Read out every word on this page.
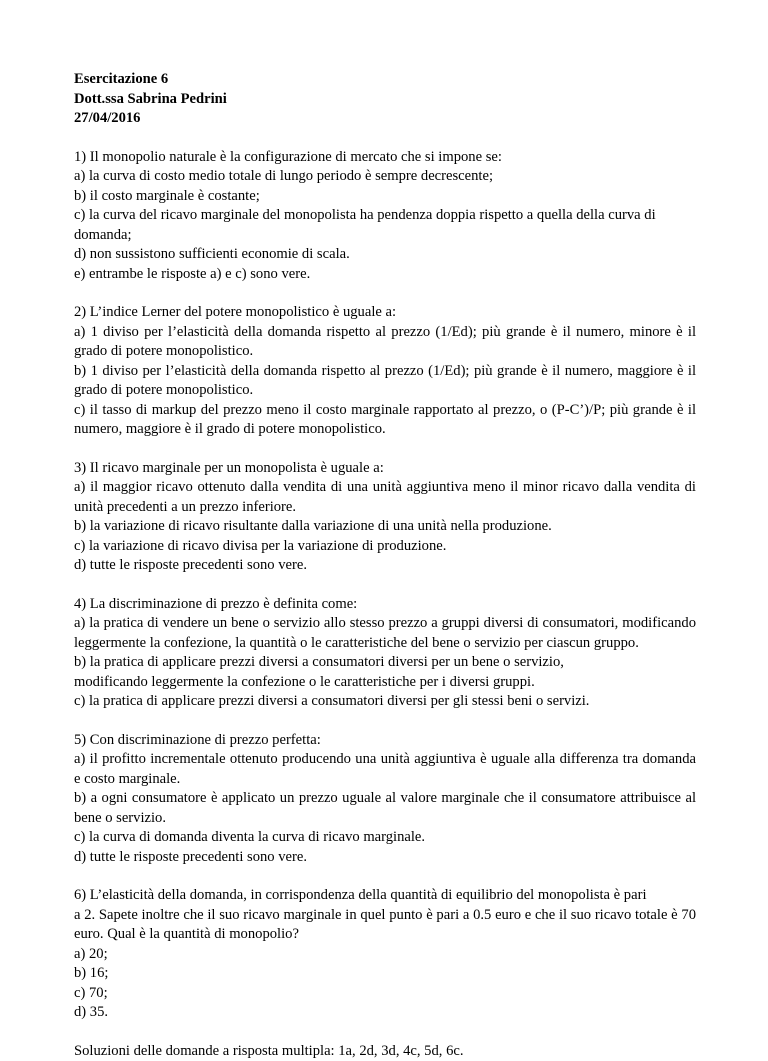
Esercitazione 6
Dott.ssa Sabrina Pedrini
27/04/2016
1) Il monopolio naturale è la configurazione di mercato che si impone se:
a) la curva di costo medio totale di lungo periodo è sempre decrescente;
b) il costo marginale è costante;
c) la curva del ricavo marginale del monopolista ha pendenza doppia rispetto a quella della curva di domanda;
d) non sussistono sufficienti economie di scala.
e) entrambe le risposte a) e c) sono vere.
2) L’indice Lerner del potere monopolistico è uguale a:
a) 1 diviso per l’elasticità della domanda rispetto al prezzo (1/Ed); più grande è il numero, minore è il grado di potere monopolistico.
b) 1 diviso per l’elasticità della domanda rispetto al prezzo (1/Ed); più grande è il numero, maggiore è il grado di potere monopolistico.
c) il tasso di markup del prezzo meno il costo marginale rapportato al prezzo, o (P-C’)/P; più grande è il numero, maggiore è il grado di potere monopolistico.
3) Il ricavo marginale per un monopolista è uguale a:
a) il maggior ricavo ottenuto dalla vendita di una unità aggiuntiva meno il minor ricavo dalla vendita di unità precedenti a un prezzo inferiore.
b) la variazione di ricavo risultante dalla variazione di una unità nella produzione.
c) la variazione di ricavo divisa per la variazione di produzione.
d) tutte le risposte precedenti sono vere.
4) La discriminazione di prezzo è definita come:
a) la pratica di vendere un bene o servizio allo stesso prezzo a gruppi diversi di consumatori, modificando leggermente la confezione, la quantità o le caratteristiche del bene o servizio per ciascun gruppo.
b) la pratica di applicare prezzi diversi a consumatori diversi per un bene o servizio,
modificando leggermente la confezione o le caratteristiche per i diversi gruppi.
c) la pratica di applicare prezzi diversi a consumatori diversi per gli stessi beni o servizi.
5) Con discriminazione di prezzo perfetta:
a) il profitto incrementale ottenuto producendo una unità aggiuntiva è uguale alla differenza tra domanda e costo marginale.
b) a ogni consumatore è applicato un prezzo uguale al valore marginale che il consumatore attribuisce al bene o servizio.
c) la curva di domanda diventa la curva di ricavo marginale.
d) tutte le risposte precedenti sono vere.
6) L’elasticità della domanda, in corrispondenza della quantità di equilibrio del monopolista è pari
a 2. Sapete inoltre che il suo ricavo marginale in quel punto è pari a 0.5 euro e che il suo ricavo totale è 70 euro. Qual è la quantità di monopolio?
a) 20;
b) 16;
c) 70;
d) 35.
Soluzioni delle domande a risposta multipla: 1a, 2d, 3d, 4c, 5d, 6c.
